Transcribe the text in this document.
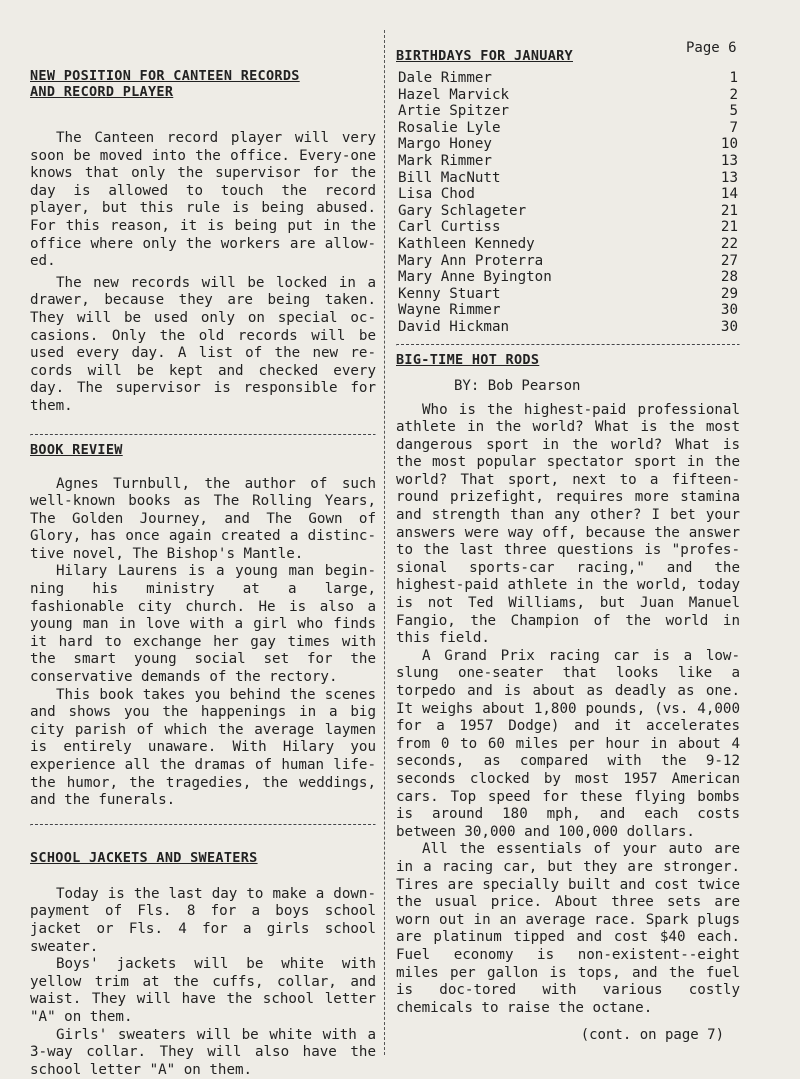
Page 6
NEW POSITION FOR CANTEEN RECORDS AND RECORD PLAYER

The Canteen record player will very soon be moved into the office. Every-one knows that only the supervisor for the day is allowed to touch the record player, but this rule is being abused. For this reason, it is being put in the office where only the workers are allow-ed.

The new records will be locked in a drawer, because they are being taken. They will be used only on special oc-casions. Only the old records will be used every day. A list of the new re-cords will be kept and checked every day. The supervisor is responsible for them.

BOOK REVIEW

Agnes Turnbull, the author of such well-known books as The Rolling Years, The Golden Journey, and The Gown of Glory, has once again created a distinc-tive novel, The Bishop's Mantle.

Hilary Laurens is a young man begin-ning his ministry at a large, fashionable city church. He is also a young man in love with a girl who finds it hard to exchange her gay times with the smart young social set for the conservative demands of the rectory.

This book takes you behind the scenes and shows you the happenings in a big city parish of which the average laymen is entirely unaware. With Hilary you experience all the dramas of human life-the humor, the tragedies, the weddings, and the funerals.

SCHOOL JACKETS AND SWEATERS

Today is the last day to make a down-payment of Fls. 8 for a boys school jacket or Fls. 4 for a girls school sweater.

Boys' jackets will be white with yellow trim at the cuffs, collar, and waist. They will have the school letter "A" on them.

Girls' sweaters will be white with a 3-way collar. They will also have the school letter "A" on them.

BIRTHDAYS FOR JANUARY
Dale Rimmer	1
Hazel Marvick	2
Artie Spitzer	5
Rosalie Lyle	7
Margo Honey	10
Mark Rimmer	13
Bill MacNutt	13
Lisa Chod	14
Gary Schlageter	21
Carl Curtiss	21
Kathleen Kennedy	22
Mary Ann Proterra	27
Mary Anne Byington	28
Kenny Stuart	29
Wayne Rimmer	30
David Hickman	30
BIG-TIME HOT RODS
BY: Bob Pearson

Who is the highest-paid professional athlete in the world? What is the most dangerous sport in the world? What is the most popular spectator sport in the world? That sport, next to a fifteen-round prizefight, requires more stamina and strength than any other? I bet your answers were way off, because the answer to the last three questions is "profes-sional sports-car racing," and the highest-paid athlete in the world, today is not Ted Williams, but Juan Manuel Fangio, the Champion of the world in this field.

A Grand Prix racing car is a low-slung one-seater that looks like a torpedo and is about as deadly as one. It weighs about 1,800 pounds, (vs. 4,000 for a 1957 Dodge) and it accelerates from 0 to 60 miles per hour in about 4 seconds, as compared with the 9-12 seconds clocked by most 1957 American cars. Top speed for these flying bombs is around 180 mph, and each costs between 30,000 and 100,000 dollars.

All the essentials of your auto are in a racing car, but they are stronger. Tires are specially built and cost twice the usual price. About three sets are worn out in an average race. Spark plugs are platinum tipped and cost $40 each. Fuel economy is non-existent--eight miles per gallon is tops, and the fuel is doc-tored with various costly chemicals to raise the octane.

(cont. on page 7)
